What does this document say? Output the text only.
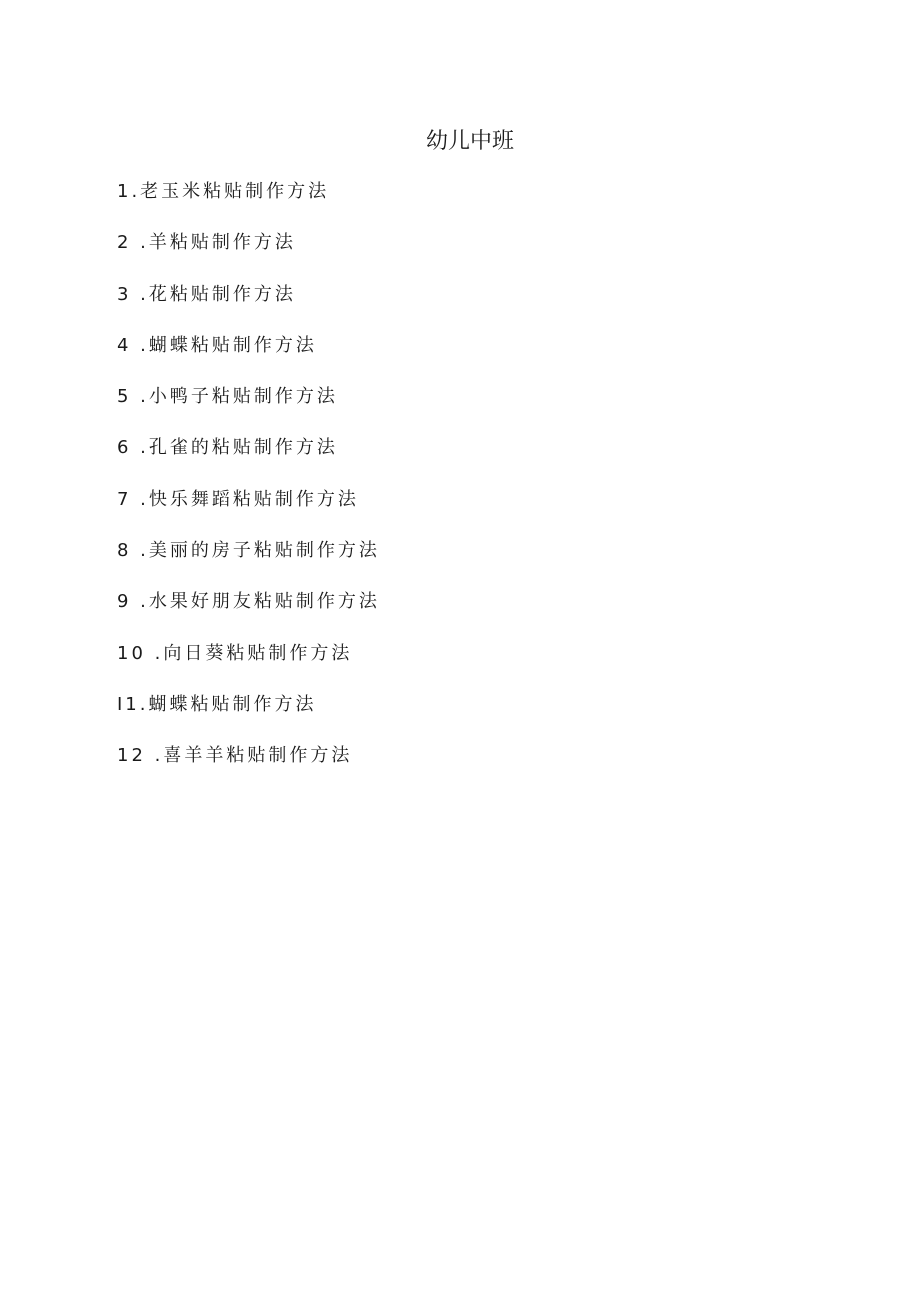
幼儿中班
1.老玉米粘贴制作方法
2 .羊粘贴制作方法
3 .花粘贴制作方法
4 .蝴蝶粘贴制作方法
5 .小鸭子粘贴制作方法
6 .孔雀的粘贴制作方法
7 .快乐舞蹈粘贴制作方法
8 .美丽的房子粘贴制作方法
9 .水果好朋友粘贴制作方法
10 .向日葵粘贴制作方法
I1.蝴蝶粘贴制作方法
12 .喜羊羊粘贴制作方法
